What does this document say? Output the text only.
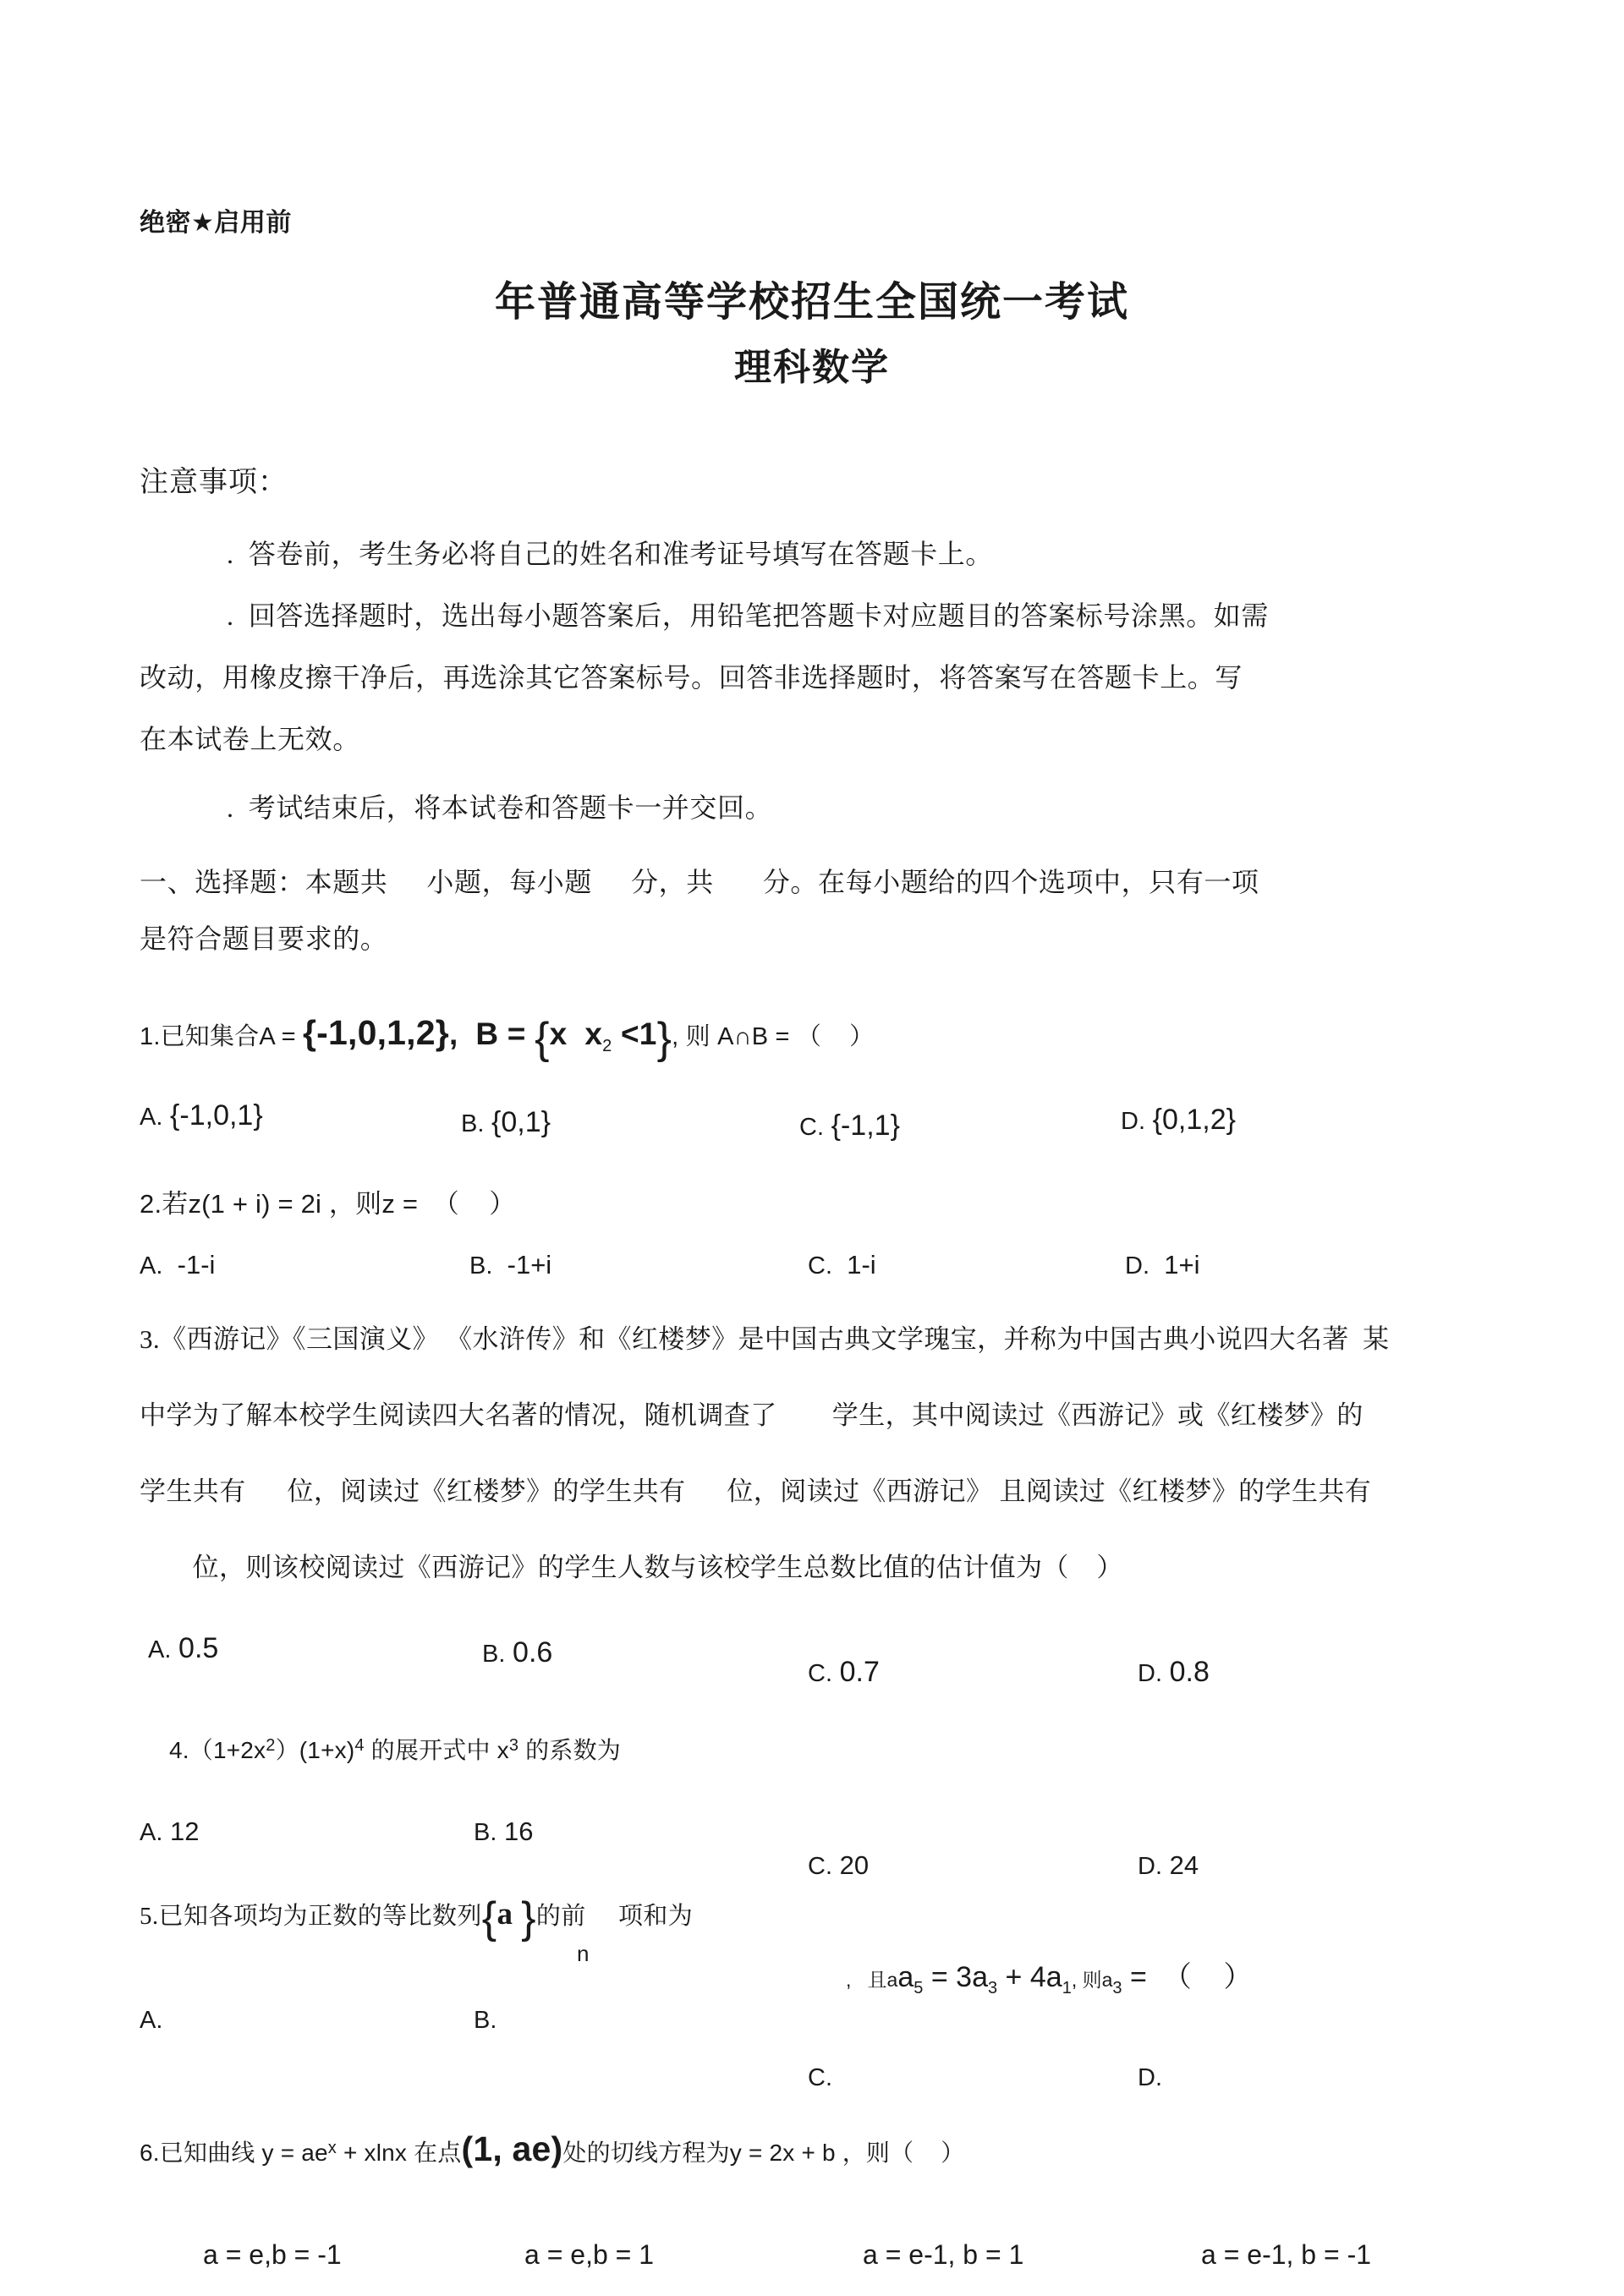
绝密★启用前
年普通高等学校招生全国统一考试
理科数学
注意事项：
.  答卷前，考生务必将自己的姓名和准考证号填写在答题卡上。
.  回答选择题时，选出每小题答案后，用铅笔把答题卡对应题目的答案标号涂黑。如需
改动，用橡皮擦干净后，再选涂其它答案标号。回答非选择题时，将答案写在答题卡上。写
在本试卷上无效。
.  考试结束后，将本试卷和答题卡一并交回。
一、选择题：本题共 小题，每小题 分，共 分。在每小题给的四个选项中，只有一项
是符合题目要求的。
1.已知集合A = {-1,0,1,2},  B = {x  $x_2 <1$}, 则 A∩B = （    ）
A. {-1,0,1}	B. {0,1}	C. {-1,1}	D. {0,1,2}
2.若z(1 + i) = 2i ，则z =  （    ）
A. -1-i	B. -1+i	C. 1-i	D. 1+i
3.《西游记》《三国演义》 《水浒传》和《红楼梦》是中国古典文学瑰宝，并称为中国古典小说四大名著  某
中学为了解本校学生阅读四大名著的情况，随机调查了        学生，其中阅读过《西游记》或《红楼梦》的
学生共有      位，阅读过《红楼梦》的学生共有      位，阅读过《西游记》 且阅读过《红楼梦》的学生共有
位，则该校阅读过《西游记》的学生人数与该校学生总数比值的估计值为（    ）
A. 0.5	B. 0.6
C. 0.7	D. 0.8
$4.(1+2x^2)(1+x)^4$ 的展开式中 $x^3$ 的系数为
A. 12	B. 16
C. 20	D. 24
5.已知各项均为正数的等比数列{a }的前     项和为
n
,   且$aa_5 = 3a_3 + 4a_1$, 则$a_3$ =  （    ）
A.	B.
C.	D.
6.已知曲线 $y = ae^x + xlnx$ 在点(1, ae)处的切线方程为y = 2x + b ，则（    ）
a = e,b = -1	a = e,b = 1	a = e-1, b = 1	a = e-1, b = -1
